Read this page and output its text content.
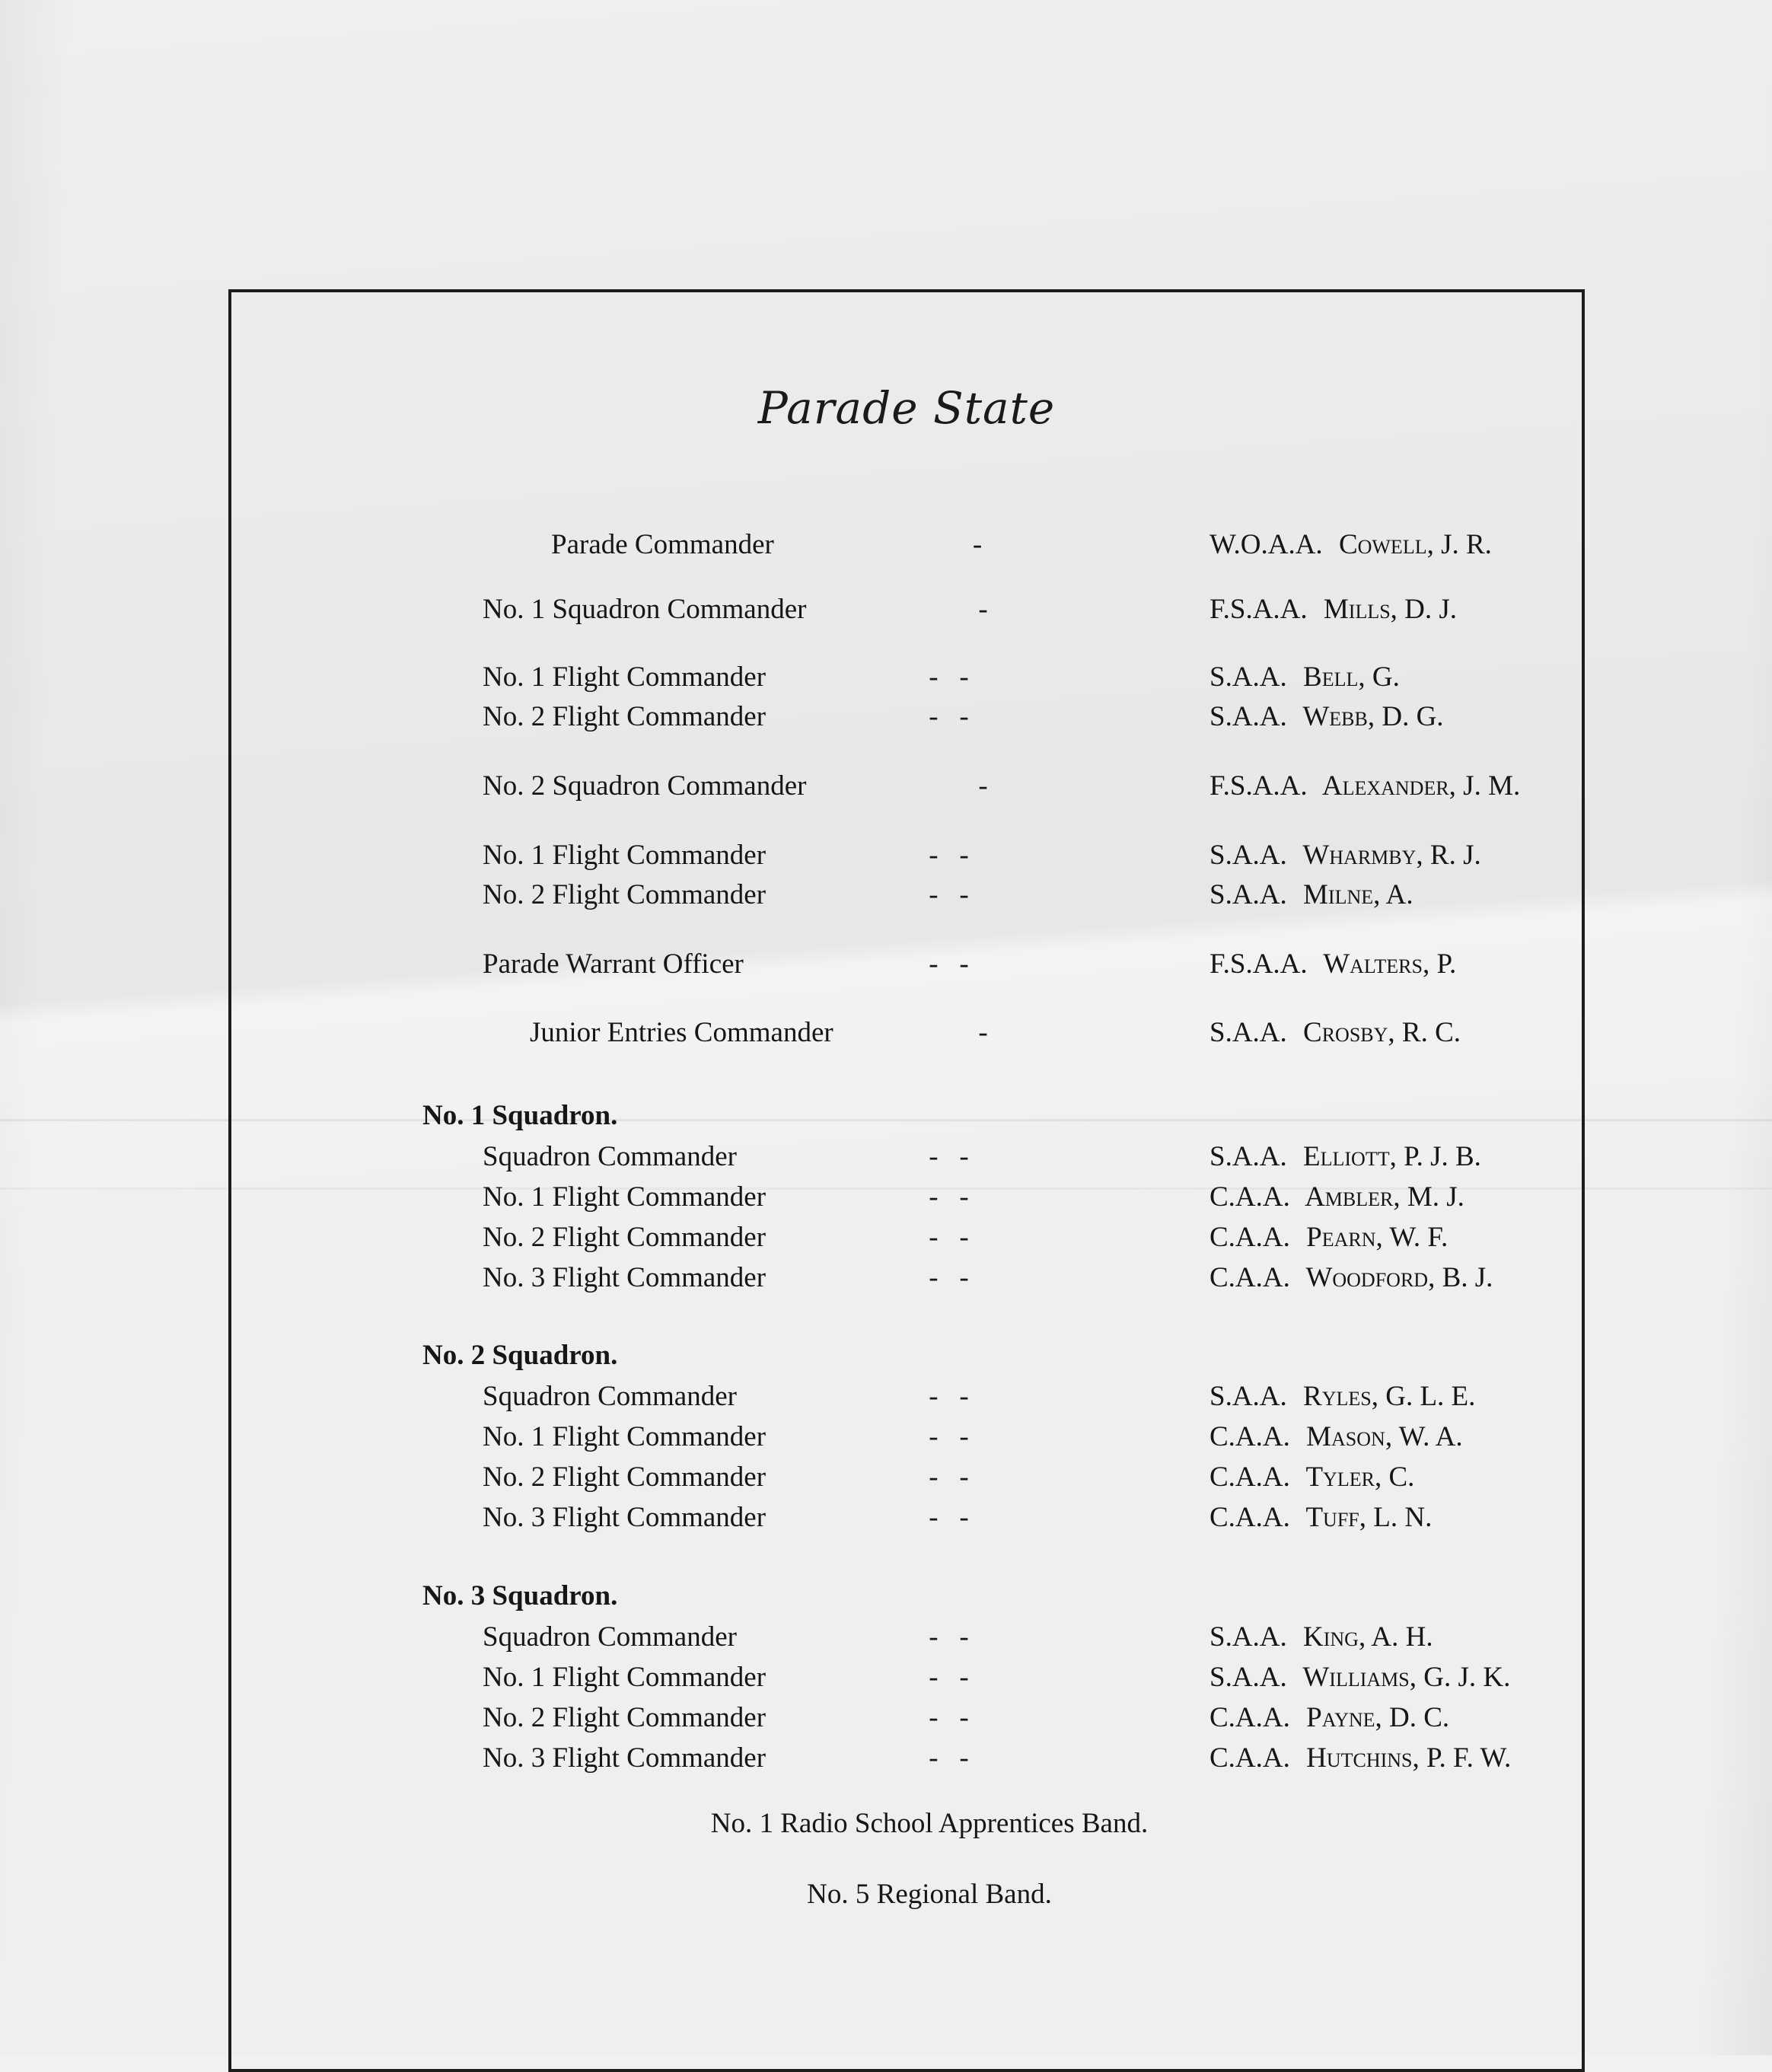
Parade State
Parade Commander	-	W.O.A.A. Cowell, J. R.
No. 1 Squadron Commander	-	F.S.A.A. Mills, D. J.
No. 1 Flight Commander	-   -	S.A.A. Bell, G.
No. 2 Flight Commander	-   -	S.A.A. Webb, D. G.
No. 2 Squadron Commander	-	F.S.A.A. Alexander, J. M.
No. 1 Flight Commander	-   -	S.A.A. Wharmby, R. J.
No. 2 Flight Commander	-   -	S.A.A. Milne, A.
Parade Warrant Officer	-   -	F.S.A.A. Walters, P.
Junior Entries Commander	-	S.A.A. Crosby, R. C.
No. 1 Squadron.
Squadron Commander	-   -	S.A.A. Elliott, P. J. B.
No. 1 Flight Commander	-   -	C.A.A. Ambler, M. J.
No. 2 Flight Commander	-   -	C.A.A. Pearn, W. F.
No. 3 Flight Commander	-   -	C.A.A. Woodford, B. J.
No. 2 Squadron.
Squadron Commander	-   -	S.A.A. Ryles, G. L. E.
No. 1 Flight Commander	-   -	C.A.A. Mason, W. A.
No. 2 Flight Commander	-   -	C.A.A. Tyler, C.
No. 3 Flight Commander	-   -	C.A.A. Tuff, L. N.
No. 3 Squadron.
Squadron Commander	-   -	S.A.A. King, A. H.
No. 1 Flight Commander	-   -	S.A.A. Williams, G. J. K.
No. 2 Flight Commander	-   -	C.A.A. Payne, D. C.
No. 3 Flight Commander	-   -	C.A.A. Hutchins, P. F. W.
No. 1 Radio School Apprentices Band.
No. 5 Regional Band.
